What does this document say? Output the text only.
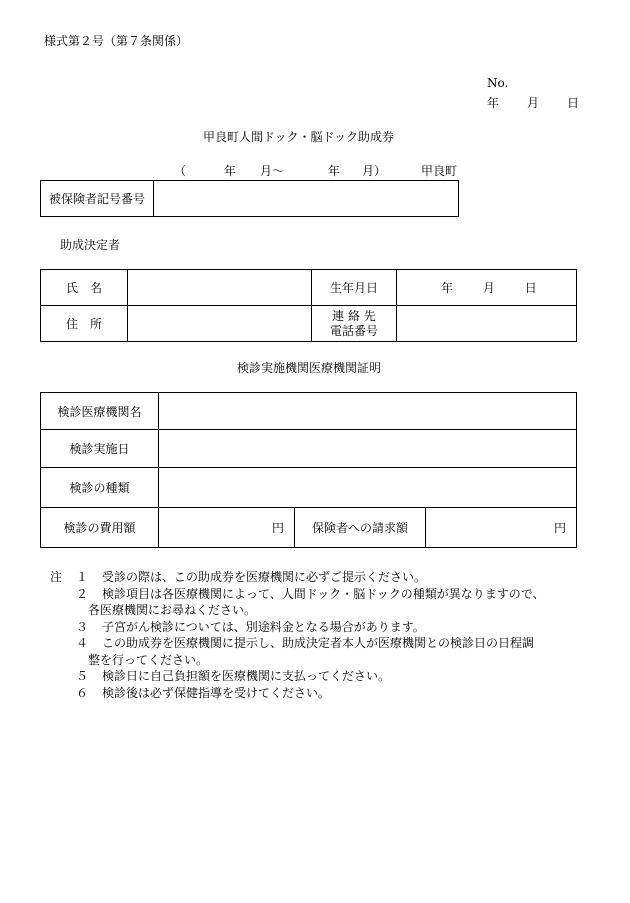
様式第２号（第７条関係）
No.
年 月 日
甲良町人間ドック・脳ドック助成券
（	年 月〜	年 月）	甲良町
被保険者記号番号	
助成決定者
氏　名		生年月日	年 月 日
住　所		連 絡 先
電話番号	

検診実施機関医療機関証明
検診医療機関名			
検診実施日			
検診の種類			
検診の費用額	円	保険者への請求額	円
注 １ 受診の際は、この助成券を医療機関に必ずご提示ください。
２ 検診項目は各医療機関によって、人間ドック・脳ドックの種類が異なりますので、
各医療機関にお尋ねください。
３ 子宮がん検診については、別途料金となる場合があります。
４ この助成券を医療機関に提示し、助成決定者本人が医療機関との検診日の日程調
整を行ってください。
５ 検診日に自己負担額を医療機関に支払ってください。
６ 検診後は必ず保健指導を受けてください。
